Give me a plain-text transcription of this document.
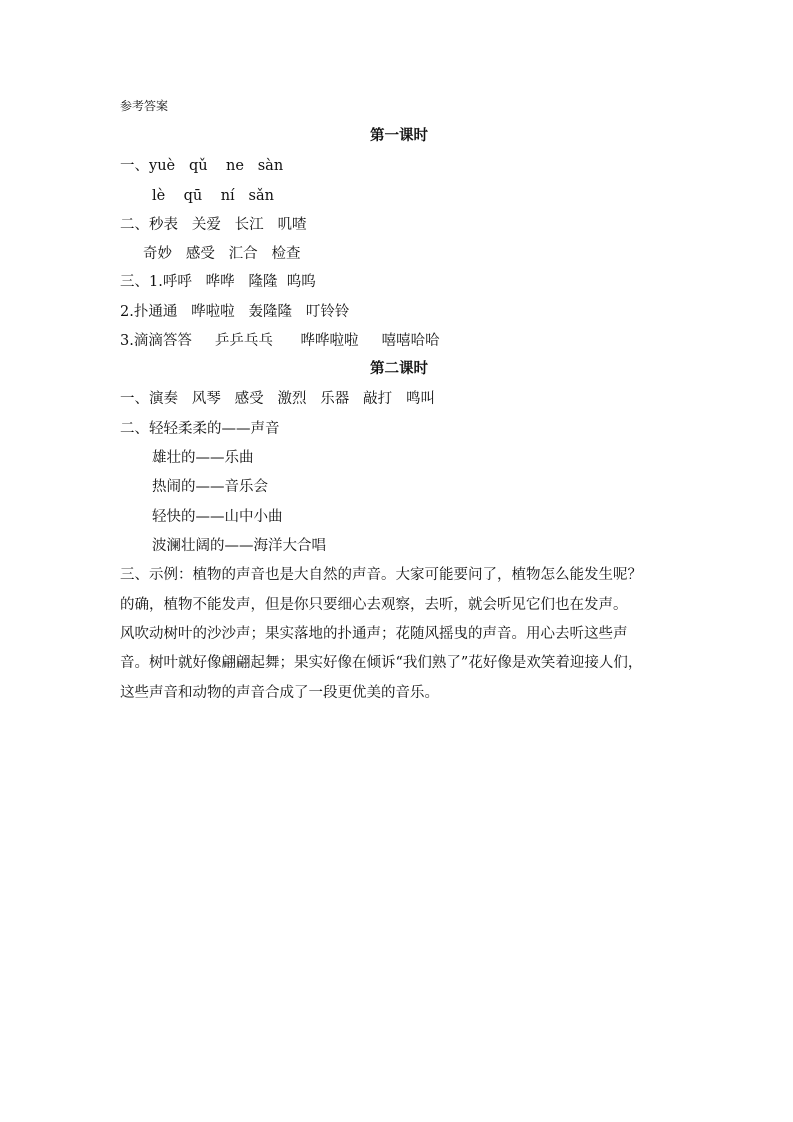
参考答案
第一课时
一、yuè   qǔ    ne   sàn
lè    qū    ní   sǎn
二、秒表   关爱   长江   叽喳
奇妙   感受   汇合   检查
三、1.呼呼   哗哗   隆隆  呜呜
2.扑通通   哗啦啦   轰隆隆   叮铃铃
3.滴滴答答     乒乒乓乓      哗哗啦啦     嘻嘻哈哈
第二课时
一、演奏   风琴   感受   激烈   乐器   敲打   鸣叫
二、轻轻柔柔的——声音
雄壮的——乐曲
热闹的——音乐会
轻快的——山中小曲
波澜壮阔的——海洋大合唱
三、示例：植物的声音也是大自然的声音。大家可能要问了，植物怎么能发生呢？
的确，植物不能发声，但是你只要细心去观察，去听，就会听见它们也在发声。
风吹动树叶的沙沙声；果实落地的扑通声；花随风摇曳的声音。用心去听这些声
音。树叶就好像翩翩起舞；果实好像在倾诉“我们熟了”花好像是欢笑着迎接人们，
这些声音和动物的声音合成了一段更优美的音乐。
